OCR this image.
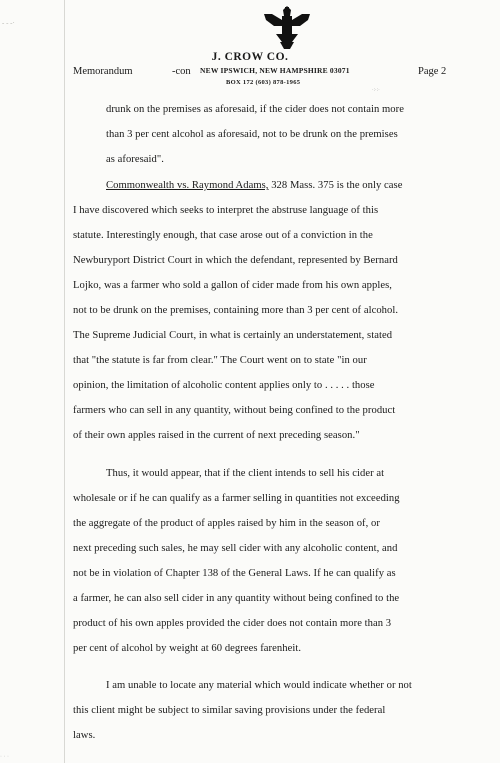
- - -·
J. CROW CO.
NEW IPSWICH, NEW HAMPSHIRE 03071
BOX 172 (603) 878-1965
Memorandum	-con	Page 2
·:·:·
drunk on the premises as aforesaid, if the cider does not contain more
than 3 per cent alcohol as aforesaid, not to be drunk on the premises
as aforesaid".
Commonwealth vs. Raymond Adams, 328 Mass. 375 is the only case
I have discovered which seeks to interpret the abstruse language of this
statute. Interestingly enough, that case arose out of a conviction in the
Newburyport District Court in which the defendant, represented by Bernard
Lojko, was a farmer who sold a gallon of cider made from his own apples,
not to be drunk on the premises, containing more than 3 per cent of alcohol.
The Supreme Judicial Court, in what is certainly an understatement, stated
that "the statute is far from clear." The Court went on to state "in our
opinion, the limitation of alcoholic content applies only to . . . . . those
farmers who can sell in any quantity, without being confined to the product
of their own apples raised in the current of next preceding season."
Thus, it would appear, that if the client intends to sell his cider at
wholesale or if he can qualify as a farmer selling in quantities not exceeding
the aggregate of the product of apples raised by him in the season of, or
next preceding such sales, he may sell cider with any alcoholic content, and
not be in violation of Chapter 138 of the General Laws. If he can qualify as
a farmer, he can also sell cider in any quantity without being confined to the
product of his own apples provided the cider does not contain more than 3
per cent of alcohol by weight at 60 degrees farenheit.
I am unable to locate any material which would indicate whether or not
this client might be subject to similar saving provisions under the federal
laws.
· · ·
